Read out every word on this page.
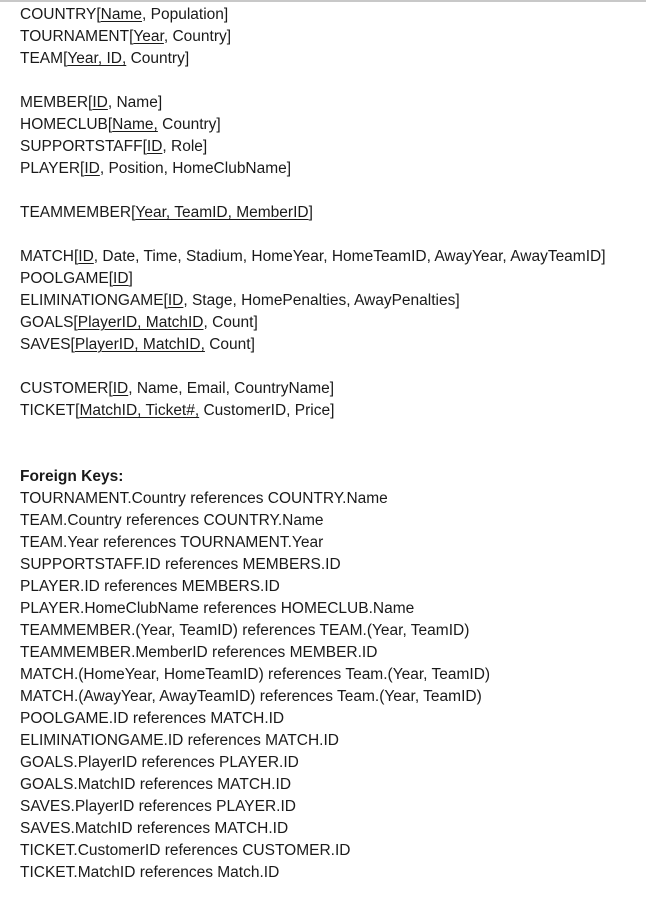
COUNTRY[Name, Population]
TOURNAMENT[Year, Country]
TEAM[Year, ID, Country]
MEMBER[ID, Name]
HOMECLUB[Name, Country]
SUPPORTSTAFF[ID, Role]
PLAYER[ID, Position, HomeClubName]
TEAMMEMBER[Year, TeamID, MemberID]
MATCH[ID, Date, Time, Stadium, HomeYear, HomeTeamID, AwayYear, AwayTeamID]
POOLGAME[ID]
ELIMINATIONGAME[ID, Stage, HomePenalties, AwayPenalties]
GOALS[PlayerID, MatchID, Count]
SAVES[PlayerID, MatchID, Count]
CUSTOMER[ID, Name, Email, CountryName]
TICKET[MatchID, Ticket#, CustomerID, Price]
Foreign Keys:
TOURNAMENT.Country references COUNTRY.Name
TEAM.Country references COUNTRY.Name
TEAM.Year references TOURNAMENT.Year
SUPPORTSTAFF.ID references MEMBERS.ID
PLAYER.ID references MEMBERS.ID
PLAYER.HomeClubName references HOMECLUB.Name
TEAMMEMBER.(Year, TeamID) references TEAM.(Year, TeamID)
TEAMMEMBER.MemberID references MEMBER.ID
MATCH.(HomeYear, HomeTeamID) references Team.(Year, TeamID)
MATCH.(AwayYear, AwayTeamID) references Team.(Year, TeamID)
POOLGAME.ID references MATCH.ID
ELIMINATIONGAME.ID references MATCH.ID
GOALS.PlayerID references PLAYER.ID
GOALS.MatchID references MATCH.ID
SAVES.PlayerID references PLAYER.ID
SAVES.MatchID references MATCH.ID
TICKET.CustomerID references CUSTOMER.ID
TICKET.MatchID references Match.ID
